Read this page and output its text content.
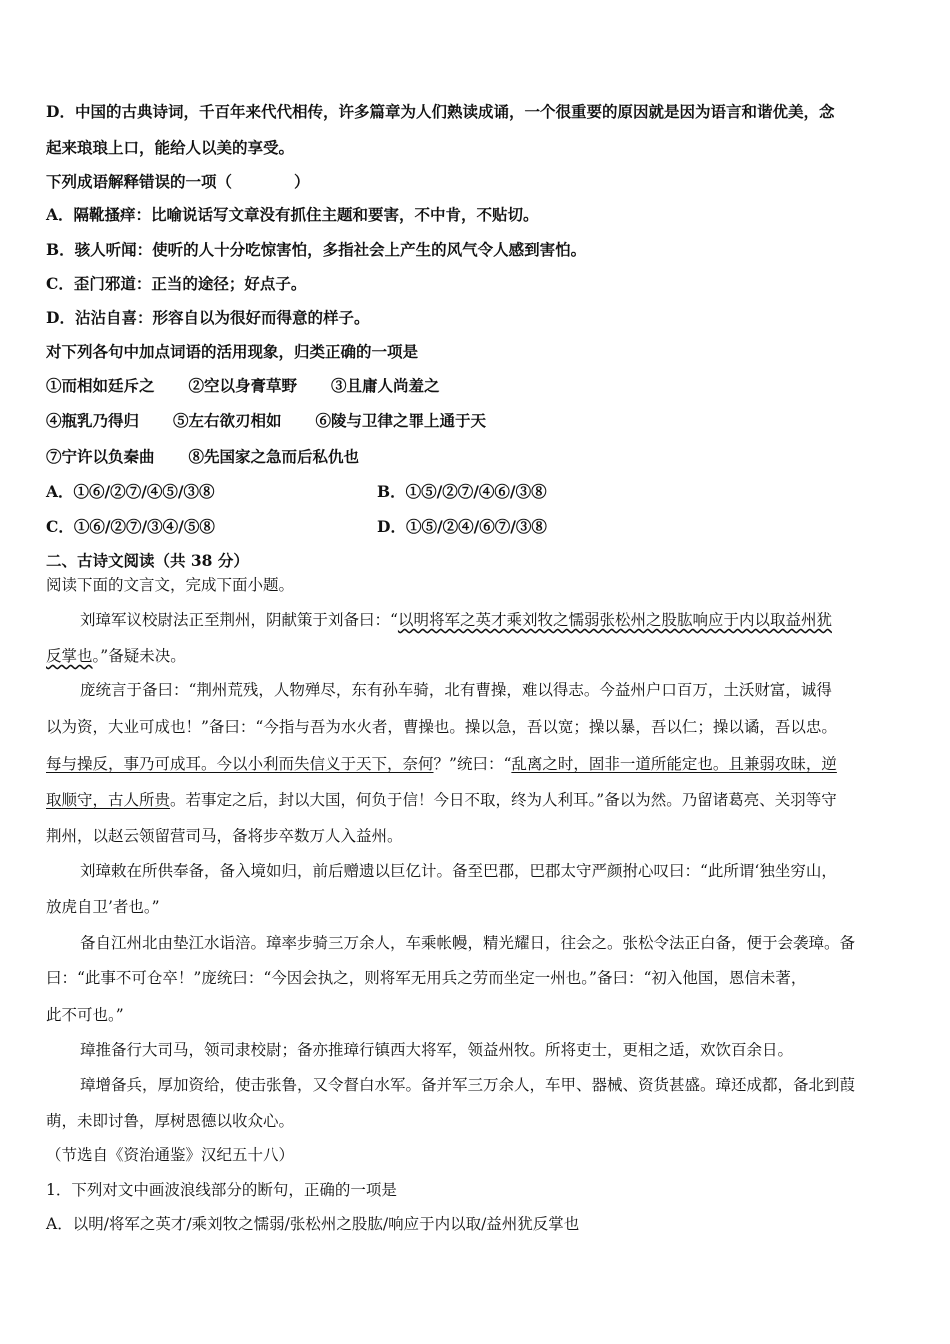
D．中国的古典诗词，千百年来代代相传，许多篇章为人们熟读成诵，一个很重要的原因就是因为语言和谐优美，念
起来琅琅上口，能给人以美的享受。
下列成语解释错误的一项（	）
A．隔靴搔痒：比喻说话写文章没有抓住主题和要害，不中肯，不贴切。
B．骇人听闻：使听的人十分吃惊害怕，多指社会上产生的风气令人感到害怕。
C．歪门邪道：正当的途径；好点子。
D．沾沾自喜：形容自以为很好而得意的样子。
对下列各句中加点词语的活用现象，归类正确的一项是
①而相如廷斥之 ②空以身膏草野 ③且庸人尚羞之
④瓶乳乃得归 ⑤左右欲刃相如 ⑥陵与卫律之罪上通于天
⑦宁许以负秦曲 ⑧先国家之急而后私仇也
A．①⑥/②⑦/④⑤/③⑧	B．①⑤/②⑦/④⑥/③⑧
C．①⑥/②⑦/③④/⑤⑧	D．①⑤/②④/⑥⑦/③⑧
二、古诗文阅读（共 38 分）
阅读下面的文言文，完成下面小题。
刘璋军议校尉法正至荆州，阴献策于刘备曰：“以明将军之英才乘刘牧之懦弱张松州之股肱响应于内以取益州犹
反掌也。”备疑未决。
庞统言于备曰：“荆州荒残，人物殚尽，东有孙车骑，北有曹操，难以得志。今益州户口百万，土沃财富，诚得
以为资，大业可成也！”备曰：“今指与吾为水火者，曹操也。操以急，吾以宽；操以暴，吾以仁；操以谲，吾以忠。
每与操反，事乃可成耳。今以小利而失信义于天下，奈何？”统曰：“乱离之时，固非一道所能定也。且兼弱攻昧，逆
取顺守，古人所贵。若事定之后，封以大国，何负于信！今日不取，终为人利耳。”备以为然。乃留诸葛亮、关羽等守
荆州，以赵云领留营司马，备将步卒数万人入益州。
刘璋敕在所供奉备，备入境如归，前后赠遗以巨亿计。备至巴郡，巴郡太守严颜拊心叹曰：“此所谓‘独坐穷山，
放虎自卫’者也。”
备自江州北由垫江水诣涪。璋率步骑三万余人，车乘帐幔，精光耀日，往会之。张松令法正白备，便于会袭璋。备
曰：“此事不可仓卒！”庞统曰：“今因会执之，则将军无用兵之劳而坐定一州也。”备曰：“初入他国，恩信未著，
此不可也。”
璋推备行大司马，领司隶校尉；备亦推璋行镇西大将军，领益州牧。所将吏士，更相之适，欢饮百余日。
璋增备兵，厚加资给，使击张鲁，又令督白水军。备并军三万余人，车甲、器械、资货甚盛。璋还成都，备北到葭
萌，未即讨鲁，厚树恩德以收众心。
（节选自《资治通鉴》汉纪五十八）
1．下列对文中画波浪线部分的断句，正确的一项是
A．以明/将军之英才/乘刘牧之懦弱/张松州之股肱/响应于内以取/益州犹反掌也
